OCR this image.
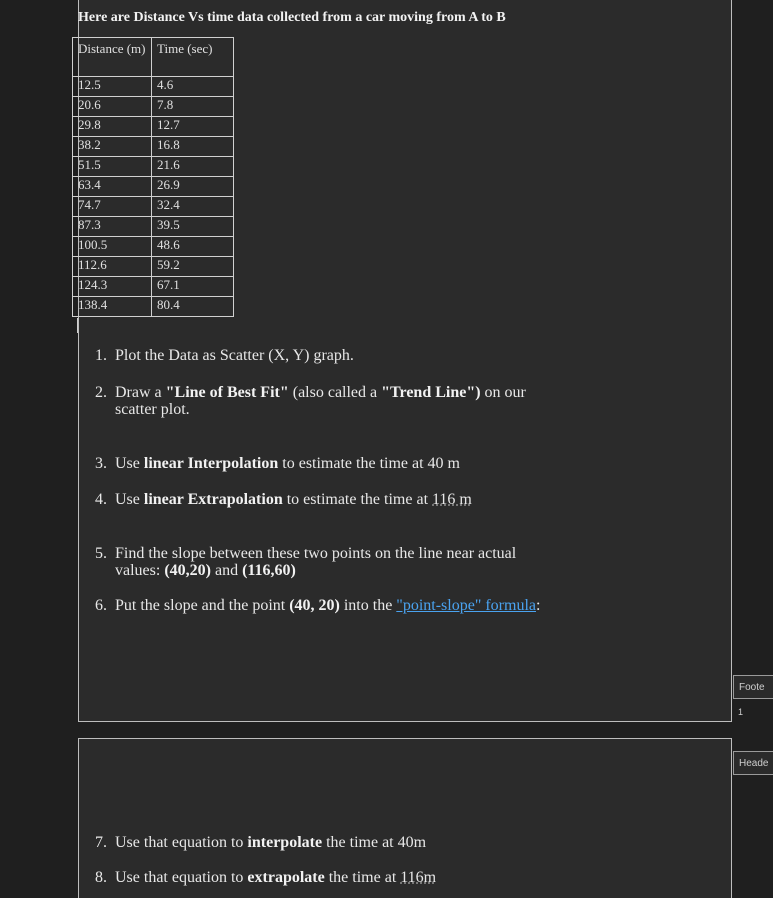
Here are Distance Vs time data collected from a car moving from A to B
Distance (m)	Time (sec)
12.5	4.6
20.6	7.8
29.8	12.7
38.2	16.8
51.5	21.6
63.4	26.9
74.7	32.4
87.3	39.5
100.5	48.6
112.6	59.2
124.3	67.1
138.4	80.4
1. Plot the Data as Scatter (X, Y) graph.
2. Draw a "Line of Best Fit" (also called a "Trend Line") on our scatter plot.
3. Use linear Interpolation to estimate the time at 40 m
4. Use linear Extrapolation to estimate the time at 116 m
5. Find the slope between these two points on the line near actual values: (40,20) and (116,60)
6. Put the slope and the point (40, 20) into the "point-slope" formula:
7. Use that equation to interpolate the time at 40m
8. Use that equation to extrapolate the time at 116m
Foote
1
Heade
